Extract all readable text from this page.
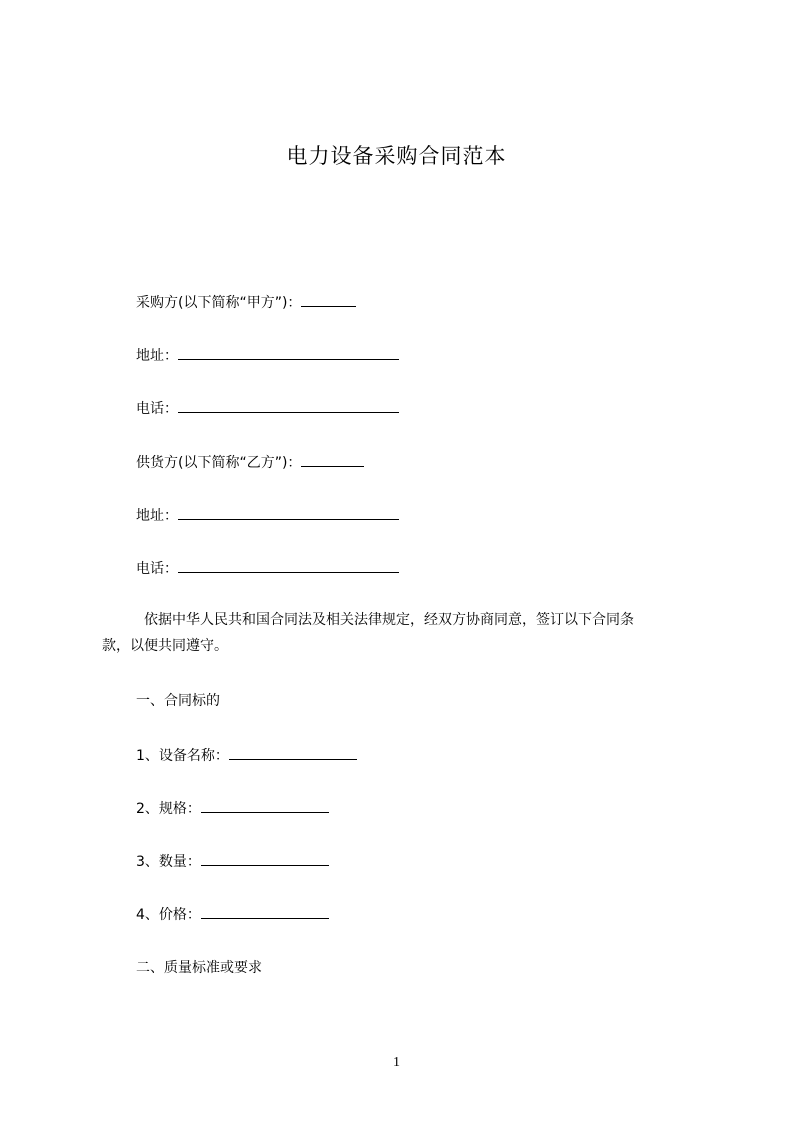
电力设备采购合同范本
采购方(以下简称“甲方”)：
地址：
电话：
供货方(以下简称“乙方”)：
地址：
电话：
依据中华人民共和国合同法及相关法律规定，经双方协商同意，签订以下合同条
款，以便共同遵守。
一、合同标的
1、设备名称：
2、规格：
3、数量：
4、价格：
二、质量标准或要求
1
